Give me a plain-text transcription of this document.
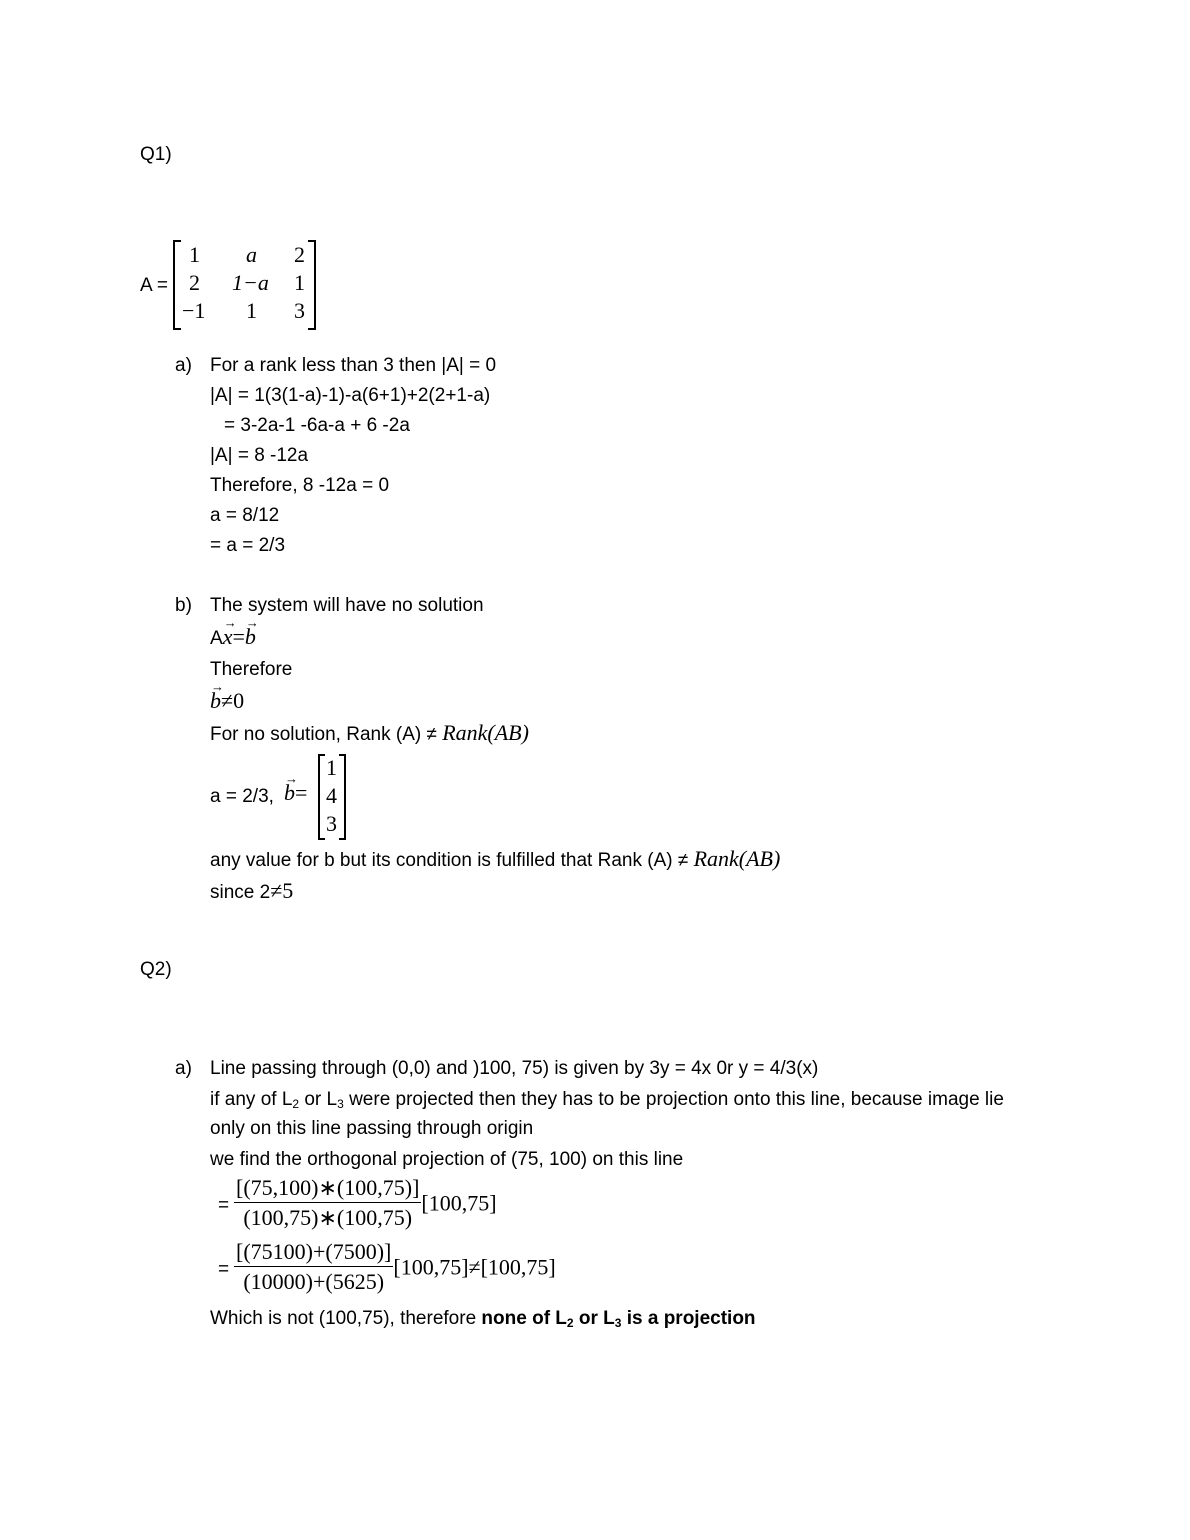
Q1)
A =
1 a 2
2 1−a 1
−1 1 3
a) For a rank less than 3 then |A| = 0
|A| = 1(3(1-a)-1)-a(6+1)+2(2+1-a)
= 3-2a-1 -6a-a + 6 -2a
|A| = 8 -12a
Therefore, 8 -12a = 0
a = 8/12
= a = 2/3
b) The system will have no solution
A→ x=→ b
Therefore
→ b≠0
For no solution, Rank (A) ≠ Rank(AB)
a = 2/3,
→ b=
1
4
3
any value for b but its condition is fulfilled that Rank (A) ≠ Rank(AB)
since 2≠5
Q2)
a) Line passing through (0,0) and )100, 75) is given by 3y = 4x 0r y = 4/3(x)
if any of $L_2$ or $L_3$ were projected then they has to be projection onto this line, because image lie
only on this line passing through origin
we find the orthogonal projection of (75, 100) on this line
= $\frac{[(75,100)∗(100,75)]}{(100,75)∗(100,75)} [100,75]$
= $\frac{[(75100)+(7500)]}{(10000)+(5625)} [100,75]\ne[100,75]$
Which is not (100,75), therefore none of $L_2$ or $L_3$ is a projection
